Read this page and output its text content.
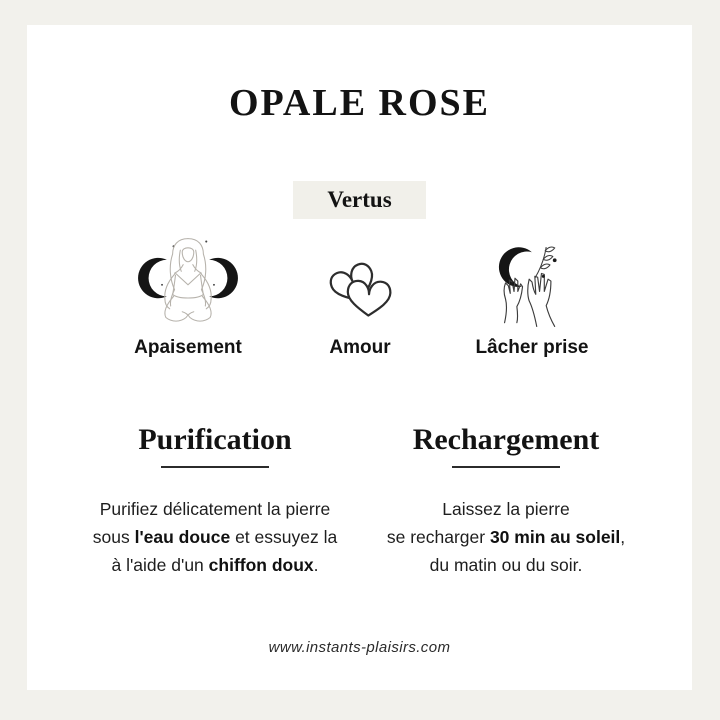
OPALE ROSE
Vertus
Apaisement	Amour	Lâcher prise
Purification
Purifiez délicatement la pierre
sous l'eau douce et essuyez la
à l'aide d'un chiffon doux.
Rechargement
Laissez la pierre
se recharger 30 min au soleil,
du matin ou du soir.
www.instants-plaisirs.com
